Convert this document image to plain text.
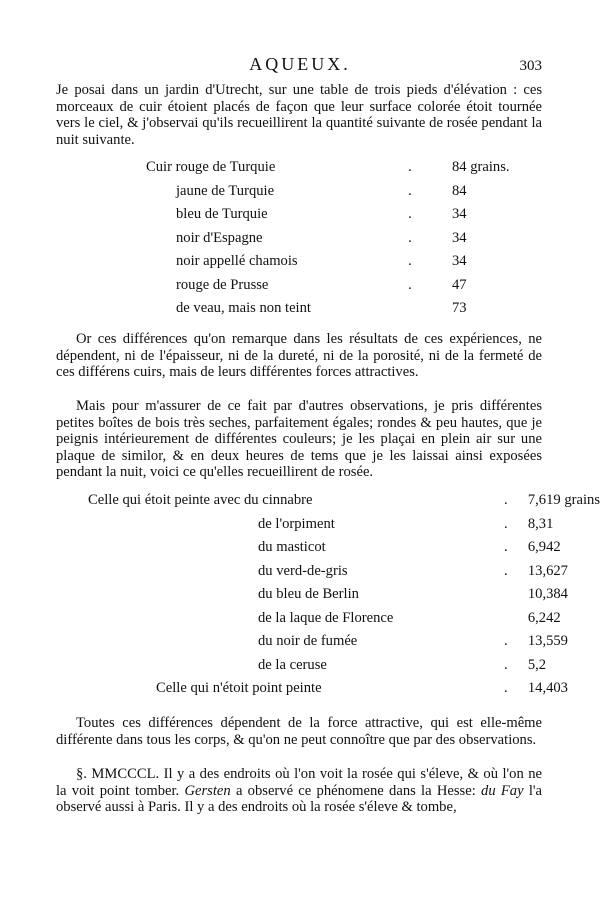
AQUEUX.	303

Je posai dans un jardin d'Utrecht, sur une table de trois pieds d'élévation : ces morceaux de cuir étoient placés de façon que leur surface colorée étoit tournée vers le ciel, & j'observai qu'ils recueillirent la quantité suivante de rosée pendant la nuit suivante.

Cuir rouge de Turquie	.	84 grains.
jaune de Turquie	.	84
bleu de Turquie	.	34
noir d'Espagne	.	34
noir appellé chamois	.	34
rouge de Prusse	.	47
de veau, mais non teint		73

Or ces différences qu'on remarque dans les résultats de ces expériences, ne dépendent, ni de l'épaisseur, ni de la dureté, ni de la porosité, ni de la fermeté de ces différens cuirs, mais de leurs différentes forces attractives.

Mais pour m'assurer de ce fait par d'autres observations, je pris différentes petites boîtes de bois très seches, parfaitement égales; rondes & peu hautes, que je peignis intérieurement de différentes couleurs; je les plaçai en plein air sur une plaque de similor, & en deux heures de tems que je les laissai ainsi exposées pendant la nuit, voici ce qu'elles recueillirent de rosée.

Celle qui étoit peinte avec du cinnabre	.	7,619 grains
de l'orpiment	.	8,31
du masticot	.	6,942
du verd-de-gris	.	13,627
du bleu de Berlin		10,384
de la laque de Florence		6,242
du noir de fumée	.	13,559
de la ceruse	.	5,2
Celle qui n'étoit point peinte	.	14,403

Toutes ces différences dépendent de la force attractive, qui est elle-même différente dans tous les corps, & qu'on ne peut connoître que par des observations.

§. MMCCCL. Il y a des endroits où l'on voit la rosée qui s'éleve, & où l'on ne la voit point tomber. Gersten a observé ce phénomene dans la Hesse: du Fay l'a observé aussi à Paris. Il y a des endroits où la rosée s'éleve & tombe,
